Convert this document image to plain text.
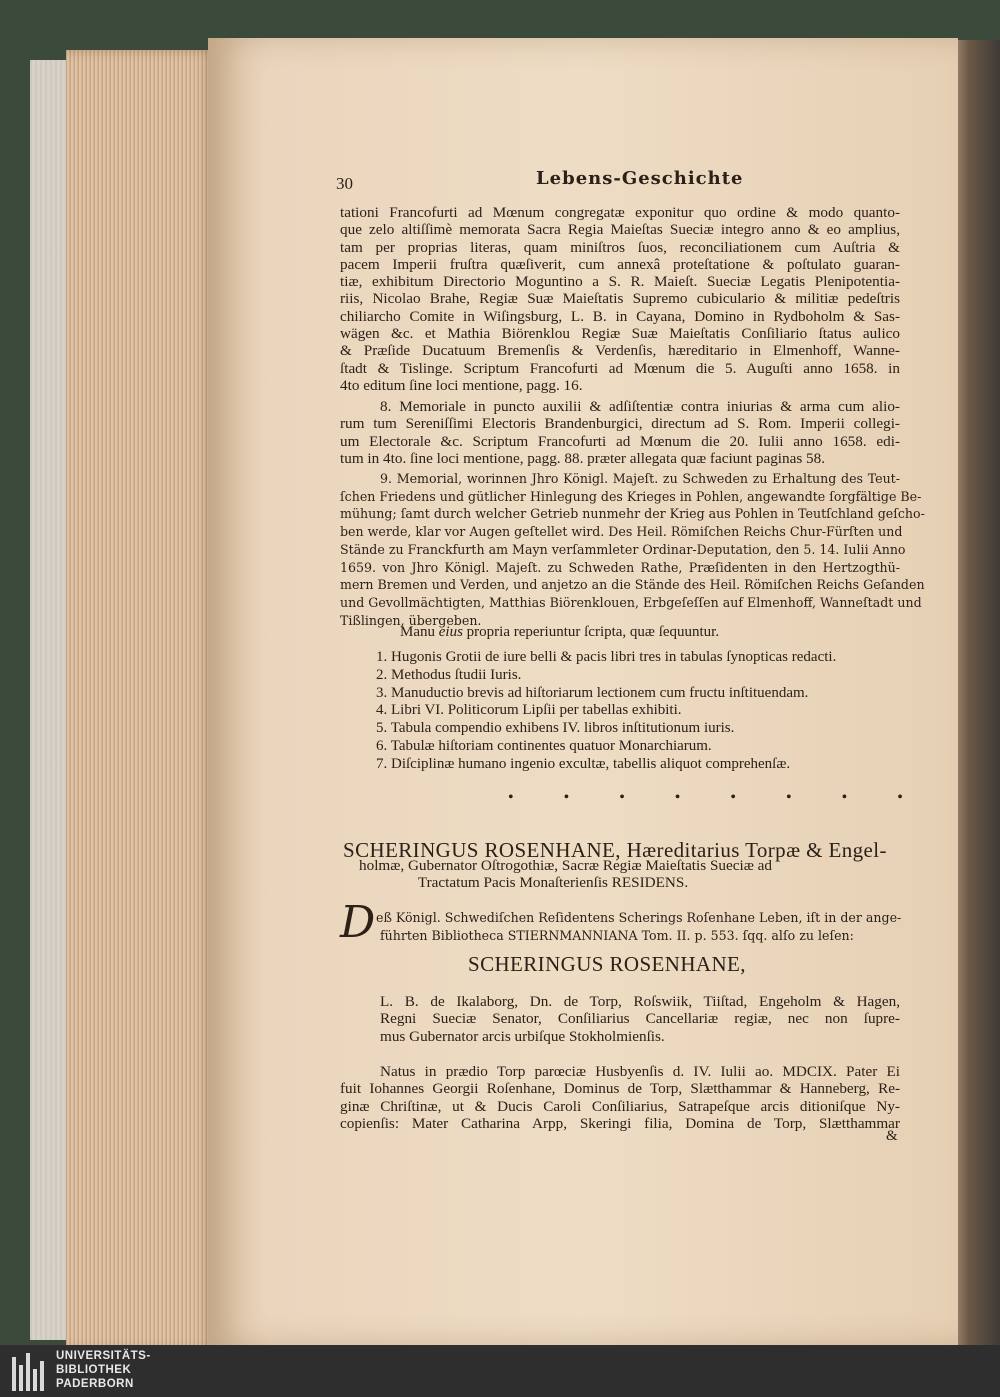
30	Lebens-Geschichte
tationi Francofurti ad Mœnum congregatæ exponitur quo ordine & modo quanto-
que zelo altiſſimè memorata Sacra Regia Maieſtas Sueciæ integro anno & eo amplius,
tam per proprias literas, quam miniſtros ſuos, reconciliationem cum Auſtria &
pacem Imperii fruſtra quæſiverit, cum annexâ proteſtatione & poſtulato guaran-
tiæ, exhibitum Directorio Moguntino a S. R. Maieſt. Sueciæ Legatis Plenipotentia-
riis, Nicolao Brahe, Regiæ Suæ Maieſtatis Supremo cubiculario & militiæ pedeſtris
chiliarcho Comite in Wiſingsburg, L. B. in Cayana, Domino in Rydboholm & Sas-
wägen &c. et Mathia Biörenklou Regiæ Suæ Maieſtatis Conſiliario ſtatus aulico
& Præſide Ducatuum Bremenſis & Verdenſis, hæreditario in Elmenhoff, Wanne-
ſtadt & Tislinge. Scriptum Francofurti ad Mœnum die 5. Auguſti anno 1658. in
4to editum ſine loci mentione, pagg. 16.
8. Memoriale in puncto auxilii & adſiſtentiæ contra iniurias & arma cum alio-
rum tum Sereniſſimi Electoris Brandenburgici, directum ad S. Rom. Imperii collegi-
um Electorale &c. Scriptum Francofurti ad Mœnum die 20. Iulii anno 1658. edi-
tum in 4to. ſine loci mentione, pagg. 88. præter allegata quæ faciunt paginas 58.
9. Memorial, worinnen Jhro Königl. Majeſt. zu Schweden zu Erhaltung des Teut-
ſchen Friedens und gütlicher Hinlegung des Krieges in Pohlen, angewandte ſorgfältige Be-
mühung; ſamt durch welcher Getrieb nunmehr der Krieg aus Pohlen in Teutſchland geſcho-
ben werde, klar vor Augen geſtellet wird. Des Heil. Römiſchen Reichs Chur-Fürſten und
Stände zu Franckfurth am Mayn verſammleter Ordinar-Deputation, den 5. 14. Iulii Anno
1659. von Jhro Königl. Majeſt. zu Schweden Rathe, Præſidenten in den Hertzogthü-
mern Bremen und Verden, und anjetzo an die Stände des Heil. Römiſchen Reichs Geſanden
und Gevollmächtigten, Matthias Biörenklouen, Erbgeſeſſen auf Elmenhoff, Wanneſtadt und
Tißlingen, übergeben.
Manu eius propria reperiuntur ſcripta, quæ ſequuntur.
1. Hugonis Grotii de iure belli & pacis libri tres in tabulas ſynopticas redacti.
2. Methodus ſtudii Iuris.
3. Manuductio brevis ad hiſtoriarum lectionem cum fructu inſtituendam.
4. Libri VI. Politicorum Lipſii per tabellas exhibiti.
5. Tabula compendio exhibens IV. libros inſtitutionum iuris.
6. Tabulæ hiſtoriam continentes quatuor Monarchiarum.
7. Diſciplinæ humano ingenio excultæ, tabellis aliquot comprehenſæ.
• • • • • • • •
SCHERINGUS ROSENHANE, Hæreditarius Torpæ & Engel-
holmæ, Gubernator Oſtrogothiæ, Sacræ Regiæ Maieſtatis Sueciæ ad
Tractatum Pacis Monaſterienſis RESIDENS.
D eß Königl. Schwediſchen Reſidentens Scherings Roſenhane Leben, iſt in der ange-
führten Bibliotheca STIERNMANNIANA Tom. II. p. 553. ſqq. alſo zu leſen:
SCHERINGUS ROSENHANE,
L. B. de Ikalaborg, Dn. de Torp, Roſswiik, Tiiſtad, Engeholm & Hagen,
Regni Sueciæ Senator, Conſiliarius Cancellariæ regiæ, nec non ſupre-
mus Gubernator arcis urbiſque Stokholmienſis.
Natus in prædio Torp parœciæ Husbyenſis d. IV. Iulii ao. MDCIX. Pater Ei
fuit Iohannes Georgii Roſenhane, Dominus de Torp, Slætthammar & Hanneberg, Re-
ginæ Chriſtinæ, ut & Ducis Caroli Conſiliarius, Satrapeſque arcis ditioniſque Ny-
copienſis: Mater Catharina Arpp, Skeringi filia, Domina de Torp, Slætthammar
&
UNIVERSITÄTS-
BIBLIOTHEK
PADERBORN
